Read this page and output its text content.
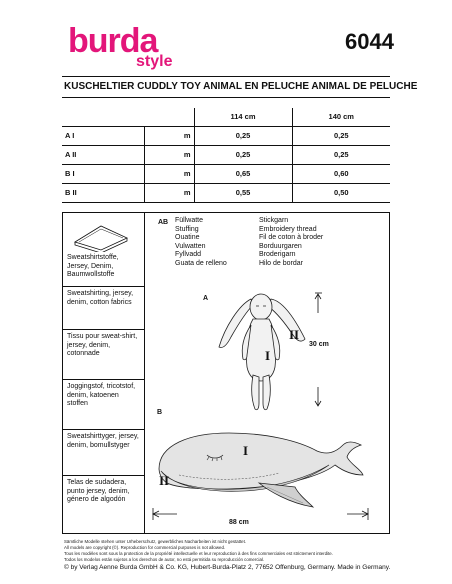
burda
style
6044
KUSCHELTIER CUDDLY TOY ANIMAL EN PELUCHE ANIMAL DE PELUCHE
		114 cm	140 cm
A I	m	0,25	0,25
A II	m	0,25	0,25
B I	m	0,65	0,60
B II	m	0,55	0,50
Sweatshirtstoffe, Jersey, Denim, Baumwollstoffe
Sweatshirting, jersey, denim, cotton fabrics
Tissu pour sweat-shirt, jersey, denim, cotonnade
Joggingstof, tricotstof, denim, katoenen stoffen
Sweatshirttyger, jersey, denim, bomullstyger
Telas de sudadera, punto jersey, denim, género de algodón
AB Füllwatte
Stuffing
Ouatine
Vulwatten
Fyllvadd
Guata de relleno
Stickgarn
Embroidery thread
Fil de coton à broder
Borduurgaren
Broderigarn
Hilo de bordar
A
I
II
30 cm
B
I
II
88 cm
Sämtliche Modelle stehen unter Urheberschutz, gewerbliches Nacharbeiten ist nicht gestattet.
All models are copyright (©). Reproduction for commercial purposes is not allowed.
Tous les modèles sont sous la protection de la propriété intellectuelle et leur reproduction à des fins commerciales est strictement interdite.
Todos los modelos están sujetos a los derechos de autor, no está permitida su reproducción comercial.
© by Verlag Aenne Burda GmbH & Co. KG, Hubert-Burda-Platz 2, 77652 Offenburg, Germany. Made in Germany.
